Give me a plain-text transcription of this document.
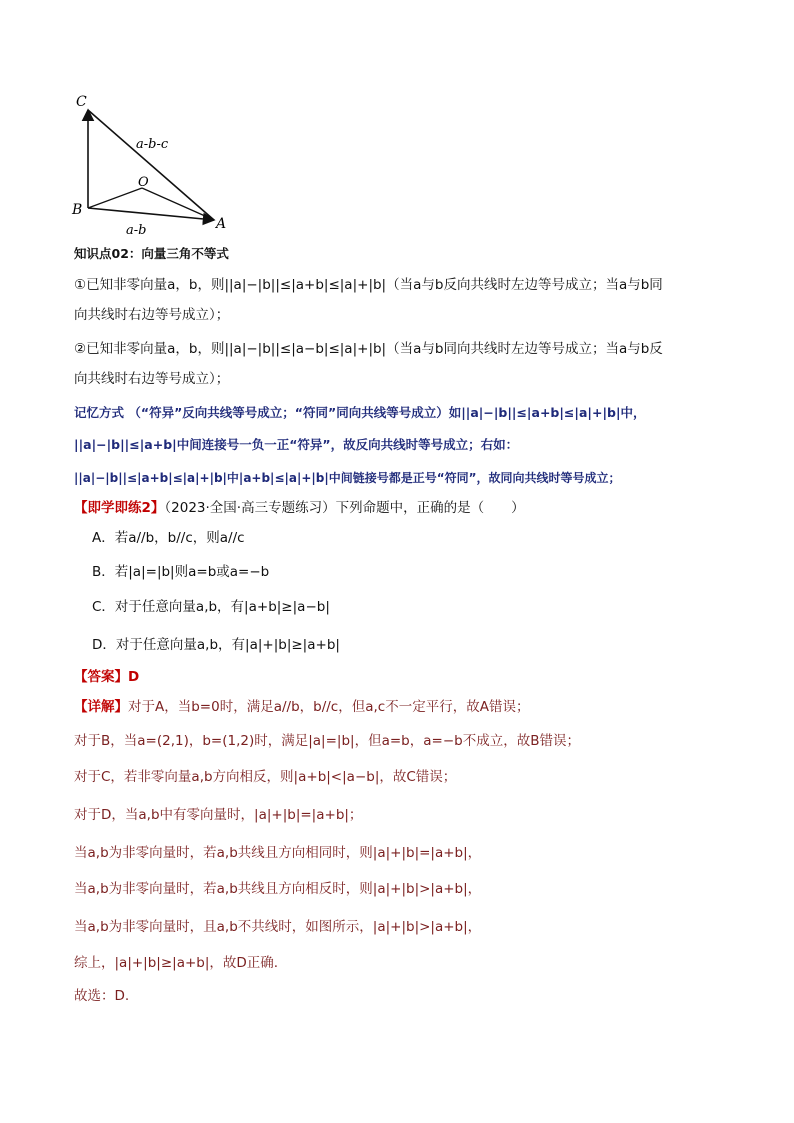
C
B
A
O
a-b-c
a-b
知识点02：向量三角不等式
①已知非零向量a，b，则||a|−|b||≤|a+b|≤|a|+|b|（当a与b反向共线时左边等号成立；当a与b同
向共线时右边等号成立）；
②已知非零向量a，b，则||a|−|b||≤|a−b|≤|a|+|b|（当a与b同向共线时左边等号成立；当a与b反
向共线时右边等号成立）；
记忆方式 （“符异”反向共线等号成立；“符同”同向共线等号成立）如||a|−|b||≤|a+b|≤|a|+|b|中，
||a|−|b||≤|a+b|中间连接号一负一正“符异”，故反向共线时等号成立；右如：
||a|−|b||≤|a+b|≤|a|+|b|中|a+b|≤|a|+|b|中间链接号都是正号“符同”，故同向共线时等号成立；
【即学即练2】（2023·全国·高三专题练习）下列命题中，正确的是（　　）
A．若a//b，b//c，则a//c
B．若|a|=|b|则a=b或a=−b
C．对于任意向量a,b，有|a+b|≥|a−b|
D．对于任意向量a,b，有|a|+|b|≥|a+b|
【答案】D
【详解】对于A，当b=0时，满足a//b，b//c，但a,c不一定平行，故A错误；
对于B，当a=(2,1)，b=(1,2)时，满足|a|=|b|，但a=b，a=−b不成立，故B错误；
对于C，若非零向量a,b方向相反，则|a+b|<|a−b|，故C错误；
对于D，当a,b中有零向量时，|a|+|b|=|a+b|；
当a,b为非零向量时，若a,b共线且方向相同时，则|a|+|b|=|a+b|，
当a,b为非零向量时，若a,b共线且方向相反时，则|a|+|b|>|a+b|，
当a,b为非零向量时，且a,b不共线时，如图所示，|a|+|b|>|a+b|，
综上，|a|+|b|≥|a+b|，故D正确.
故选：D.
